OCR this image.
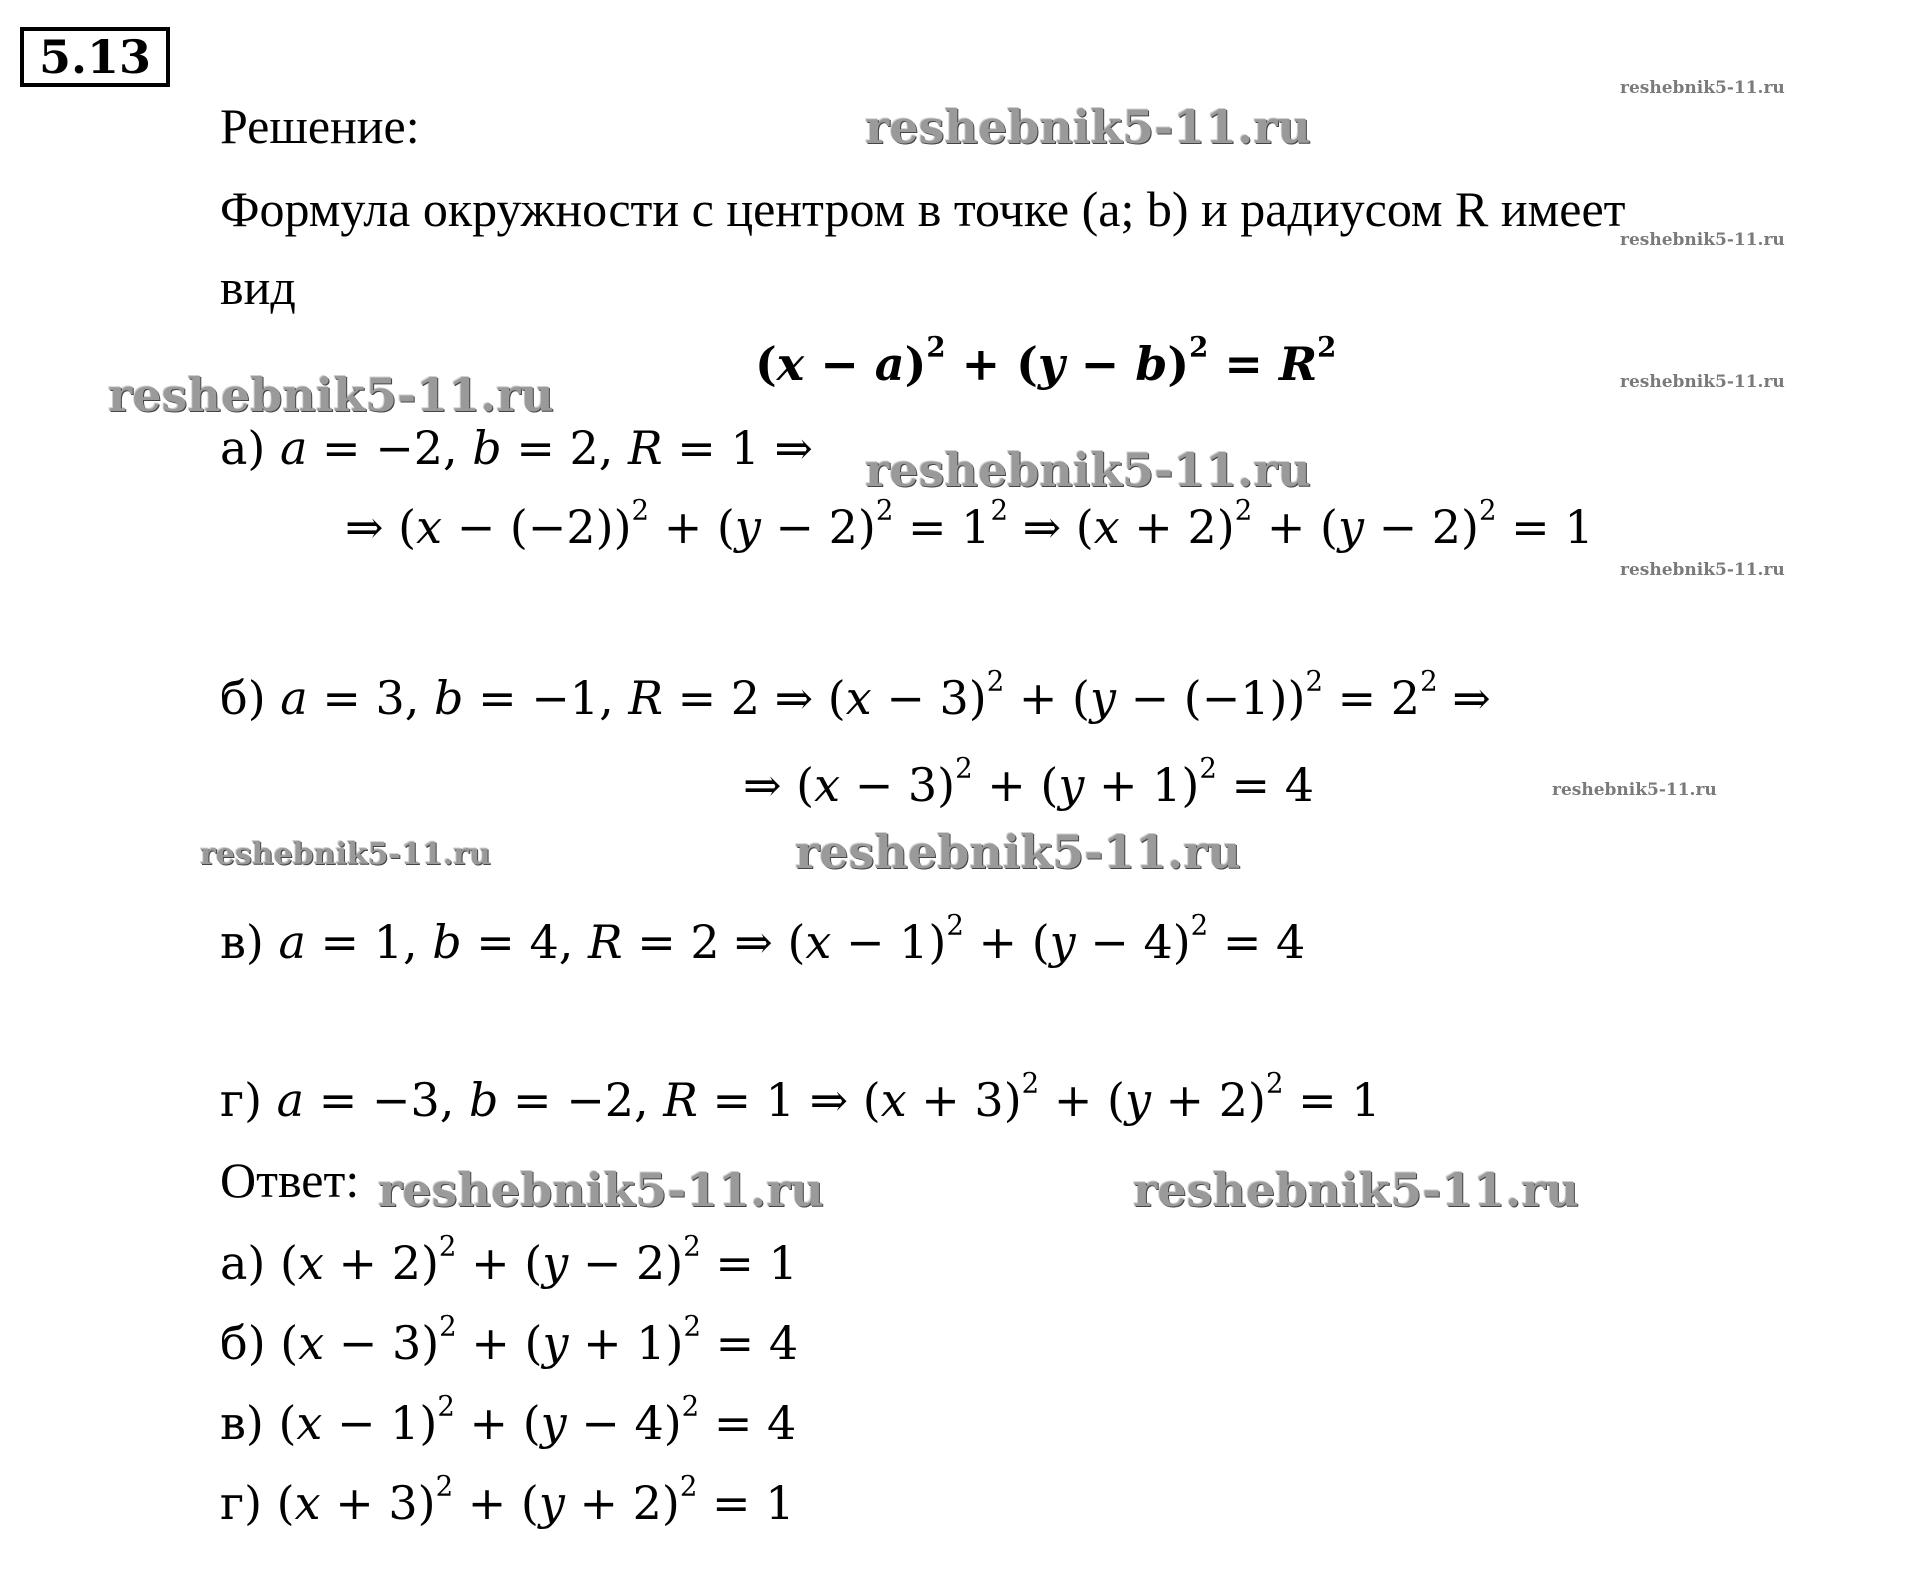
5.13
reshebnik5-11.ru
reshebnik5-11.ru
reshebnik5-11.ru
reshebnik5-11.ru
reshebnik5-11.ru	reshebnik5-11.ru
reshebnik5-11.ru
reshebnik5-11.ru
reshebnik5-11.ru
reshebnik5-11.ru
reshebnik5-11.ru
reshebnik5-11.ru
Решение:
Формула окружности с центром в точке (a; b) и радиусом R имеет
вид
$(x - a)^2 + (y - b)^2 = R^2$
а) a = −2, b = 2, R = 1 ⇒
⇒ $(x - (-2))^2 + (y - 2)^2 = 1^2$ ⇒ $(x + 2)^2 + (y - 2)^2 = 1$
б) a = 3, b = −1, R = 2 ⇒ $(x - 3)^2 + (y - (-1))^2 = 2^2$ ⇒
⇒ $(x - 3)^2 + (y + 1)^2 = 4$
в) a = 1, b = 4, R = 2 ⇒ $(x - 1)^2 + (y - 4)^2 = 4$
г) a = −3, b = −2, R = 1 ⇒ $(x + 3)^2 + (y + 2)^2 = 1$
Ответ:
а) $(x + 2)^2 + (y - 2)^2 = 1$
б) $(x - 3)^2 + (y + 1)^2 = 4$
в) $(x - 1)^2 + (y - 4)^2 = 4$
г) $(x + 3)^2 + (y + 2)^2 = 1$
